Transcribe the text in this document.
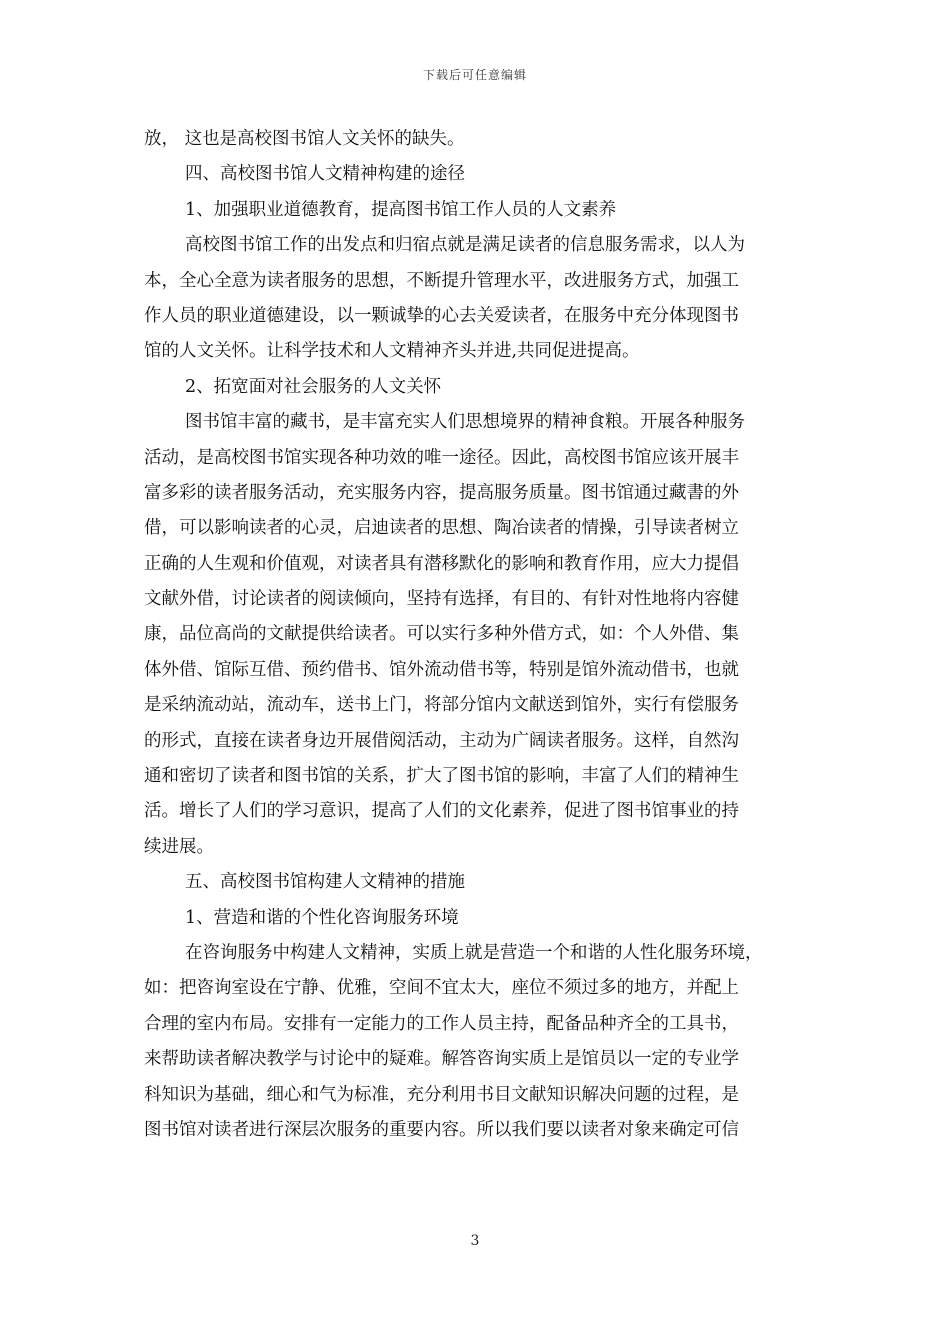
下载后可任意编辑
放， 这也是高校图书馆人文关怀的缺失。
四、高校图书馆人文精神构建的途径
1、加强职业道德教育，提高图书馆工作人员的人文素养
高校图书馆工作的出发点和归宿点就是满足读者的信息服务需求，以人为
本，全心全意为读者服务的思想，不断提升管理水平，改进服务方式，加强工
作人员的职业道德建设，以一颗诚挚的心去关爱读者，在服务中充分体现图书
馆的人文关怀。让科学技术和人文精神齐头并进,共同促进提高。
2、拓宽面对社会服务的人文关怀
图书馆丰富的藏书，是丰富充实人们思想境界的精神食粮。开展各种服务
活动，是高校图书馆实现各种功效的唯一途径。因此，高校图书馆应该开展丰
富多彩的读者服务活动，充实服务内容，提高服务质量。图书馆通过藏書的外
借，可以影响读者的心灵，启迪读者的思想、陶冶读者的情操，引导读者树立
正确的人生观和价值观，对读者具有潜移默化的影响和教育作用，应大力提倡
文献外借，讨论读者的阅读倾向，坚持有选择，有目的、有针对性地将内容健
康，品位高尚的文献提供给读者。可以实行多种外借方式，如：个人外借、集
体外借、馆际互借、预约借书、馆外流动借书等，特别是馆外流动借书，也就
是采纳流动站，流动车，送书上门，将部分馆内文献送到馆外，实行有偿服务
的形式，直接在读者身边开展借阅活动，主动为广阔读者服务。这样，自然沟
通和密切了读者和图书馆的关系，扩大了图书馆的影响，丰富了人们的精神生
活。增长了人们的学习意识，提高了人们的文化素养，促进了图书馆事业的持
续进展。
五、高校图书馆构建人文精神的措施
1、营造和谐的个性化咨询服务环境
在咨询服务中构建人文精神，实质上就是营造一个和谐的人性化服务环境，
如：把咨询室设在宁静、优雅，空间不宜太大，座位不须过多的地方，并配上
合理的室内布局。安排有一定能力的工作人员主持，配备品种齐全的工具书，
来帮助读者解决教学与讨论中的疑难。解答咨询实质上是馆员以一定的专业学
科知识为基础，细心和气为标准，充分利用书目文献知识解决问题的过程，是
图书馆对读者进行深层次服务的重要内容。所以我们要以读者对象来确定可信
3
